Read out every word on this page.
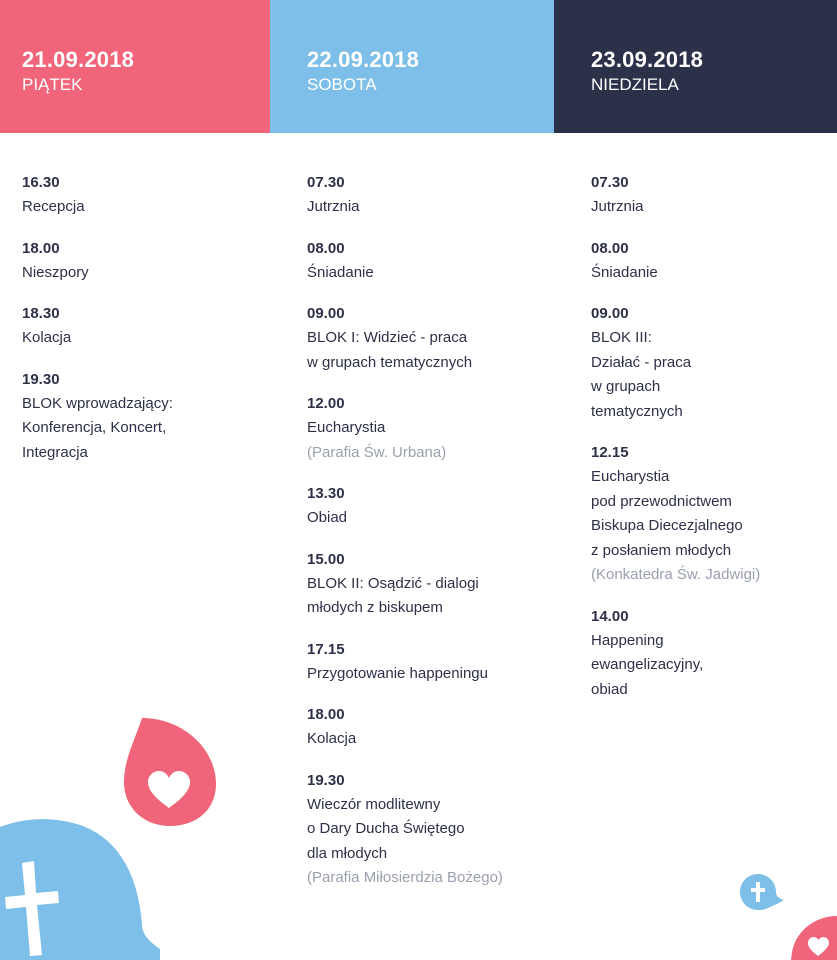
21.09.2018
PIĄTEK
22.09.2018
SOBOTA
23.09.2018
NIEDZIELA
16.30
Recepcja
18.00
Nieszpory
18.30
Kolacja
19.30
BLOK wprowadzający:
Konferencja, Koncert,
Integracja
07.30
Jutrznia
08.00
Śniadanie
09.00
BLOK I: Widzieć - praca
w grupach tematycznych
12.00
Eucharystia
(Parafia Św. Urbana)
13.30
Obiad
15.00
BLOK II: Osądzić - dialogi
młodych z biskupem
17.15
Przygotowanie happeningu
18.00
Kolacja
19.30
Wieczór modlitewny
o Dary Ducha Świętego
dla młodych
(Parafia Miłosierdzia Bożego)
07.30
Jutrznia
08.00
Śniadanie
09.00
BLOK III:
Działać - praca
w grupach
tematycznych
12.15
Eucharystia
pod przewodnictwem
Biskupa Diecezjalnego
z posłaniem młodych
(Konkatedra Św. Jadwigi)
14.00
Happening
ewangelizacyjny,
obiad
